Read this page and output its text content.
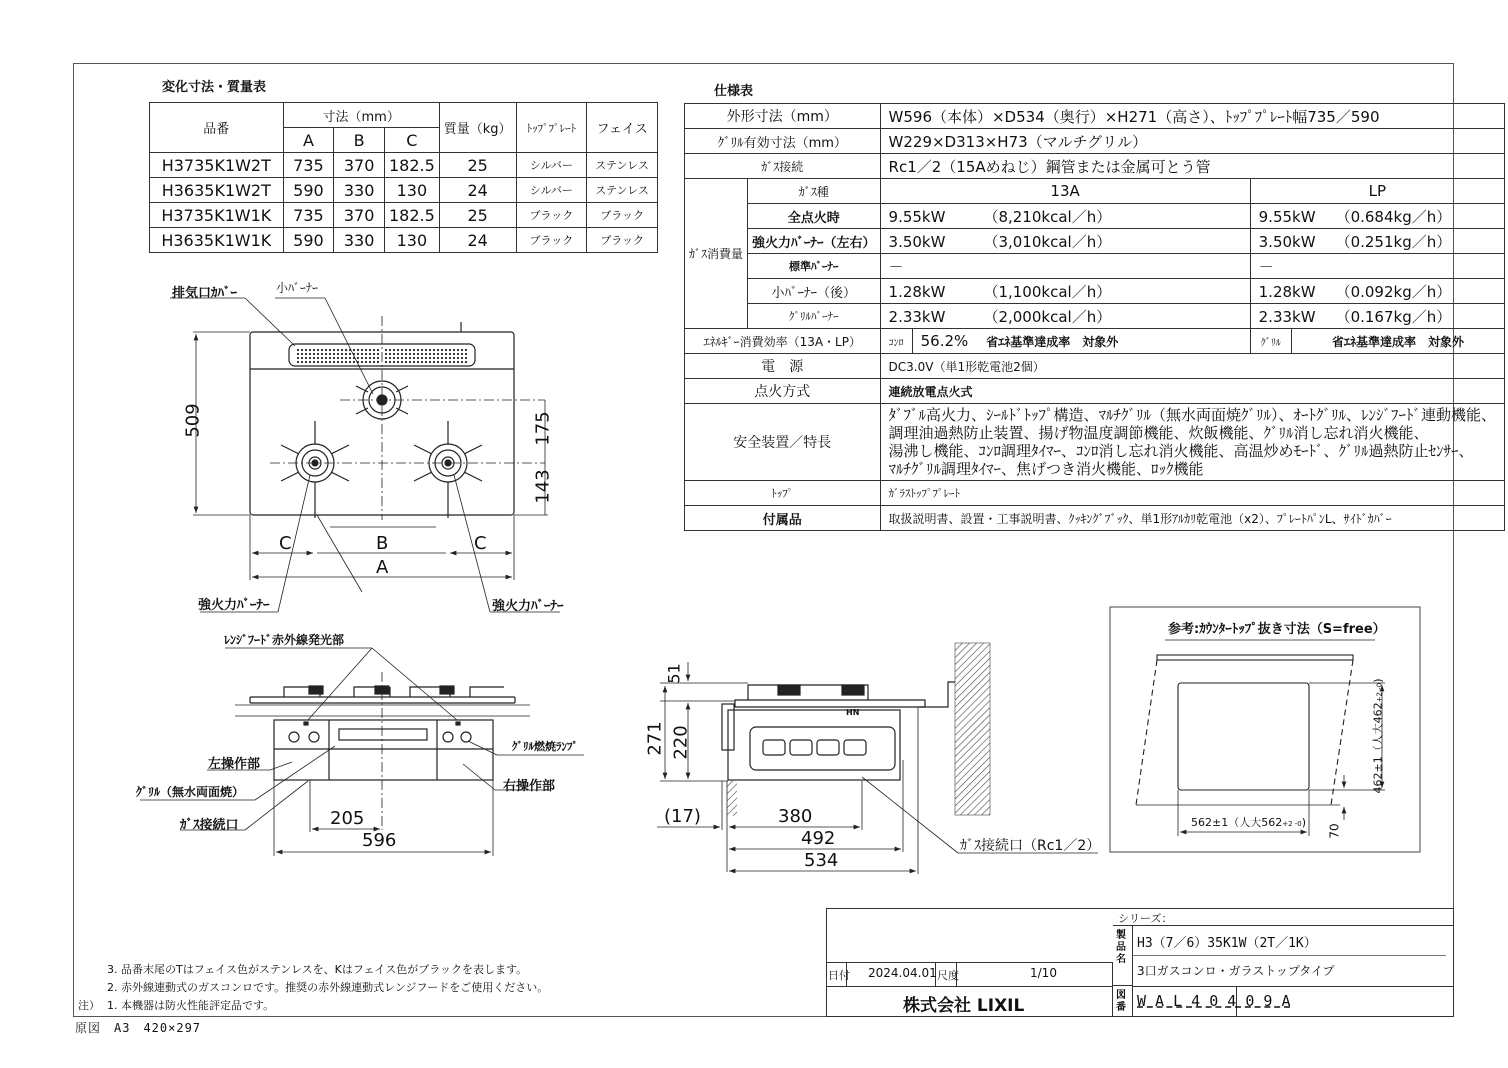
変化寸法・質量表
品番	寸法（mm）			質量（kg）	ﾄｯﾌﾟﾌﾟﾚｰﾄ	フェイス
	A	B	C			
H3735K1W2T	735	370	182.5	25	シルバー	ステンレス
H3635K1W2T	590	330	130	24	シルバー	ステンレス
H3735K1W1K	735	370	182.5	25	ブラック	ブラック
H3635K1W1K	590	330	130	24	ブラック	ブラック
仕様表
外形寸法（mm）		W596（本体）×D534（奥行）×H271（高さ）、ﾄｯﾌﾟﾌﾟﾚｰﾄ幅735／590			
ｸﾞﾘﾙ有効寸法（mm）		W229×D313×H73（マルチグリル）			
ｶﾞｽ接続		Rc1／2（15Aめねじ）鋼管または金属可とう管			
ｶﾞｽ消費量	ｶﾞｽ種	13A		LP	
	全点火時	9.55kW （8,210kcal／h）		9.55kW （0.684kg／h）	
	強火力ﾊﾞｰﾅｰ（左右）	3.50kW （3,010kcal／h）		3.50kW （0.251kg／h）	
	標準ﾊﾞｰﾅｰ	－		－	
	小ﾊﾞｰﾅｰ（後）	1.28kW （1,100kcal／h）		1.28kW （0.092kg／h）	
	ｸﾞﾘﾙﾊﾞｰﾅｰ	2.33kW （2,000kcal／h）		2.33kW （0.167kg／h）	
ｴﾈﾙｷﾞｰ消費効率（13A・LP）		ｺﾝﾛ	56.2% 省ｴﾈ基準達成率　対象外	ｸﾞﾘﾙ	省ｴﾈ基準達成率　対象外
電　源		DC3.0V（単1形乾電池2個）			
点火方式		連続放電点火式			
安全装置／特長		ﾀﾞﾌﾞﾙ高火力、ｼｰﾙﾄﾞﾄｯﾌﾟ構造、ﾏﾙﾁｸﾞﾘﾙ（無水両面焼ｸﾞﾘﾙ）、ｵｰﾄｸﾞﾘﾙ、ﾚﾝｼﾞﾌｰﾄﾞ連動機能、
調理油過熱防止装置、揚げ物温度調節機能、炊飯機能、ｸﾞﾘﾙ消し忘れ消火機能、
湯沸し機能、ｺﾝﾛ調理ﾀｲﾏｰ、ｺﾝﾛ消し忘れ消火機能、高温炒めﾓｰﾄﾞ、ｸﾞﾘﾙ過熱防止ｾﾝｻｰ、
ﾏﾙﾁｸﾞﾘﾙ調理ﾀｲﾏｰ、焦げつき消火機能、ﾛｯｸ機能			

ﾄｯﾌﾟ		ｶﾞﾗｽﾄｯﾌﾟﾌﾟﾚｰﾄ			
付属品		取扱説明書、設置・工事説明書、ｸｯｷﾝｸﾞﾌﾞｯｸ、単1形ｱﾙｶﾘ乾電池（x2）、ﾌﾟﾚｰﾄﾊﾟﾝL、ｻｲﾄﾞｶﾊﾞｰ			
排気口ｶﾊﾞｰ	小ﾊﾞｰﾅｰ
強火力ﾊﾞｰﾅｰ	強火力ﾊﾞｰﾅｰ
509	175
143
C	B	C
A
ﾚﾝｼﾞﾌｰﾄﾞ赤外線発光部
左操作部
ｸﾞﾘﾙ（無水両面焼）
ｶﾞｽ接続口
ｸﾞﾘﾙ燃焼ﾗﾝﾌﾟ
右操作部
205
596
51
271 220
(17)	380
492
534
HN
ｶﾞｽ接続口（Rc1／2）
参考:ｶｳﾝﾀｰﾄｯﾌﾟ抜き寸法（S=free）
562±1（人大562+2 -0)
462±1（人大462+2 -0)
70
3. 品番末尾のTはフェイス色がステンレスを、Kはフェイス色がブラックを表します。
2. 赤外線連動式のガスコンロです。推奨の赤外線連動式レンジフードをご使用ください。
注） 1. 本機器は防火性能評定品です。
原図　A3　420×297
シリーズ：
製品名
H3（7／6）35K1W（2T／1K）
3口ガスコンロ・ガラストップタイプ
日付 2024.04.01 尺度	1/10
株式会社 LIXIL
図番 W A L 4 0 4 0 9 A
